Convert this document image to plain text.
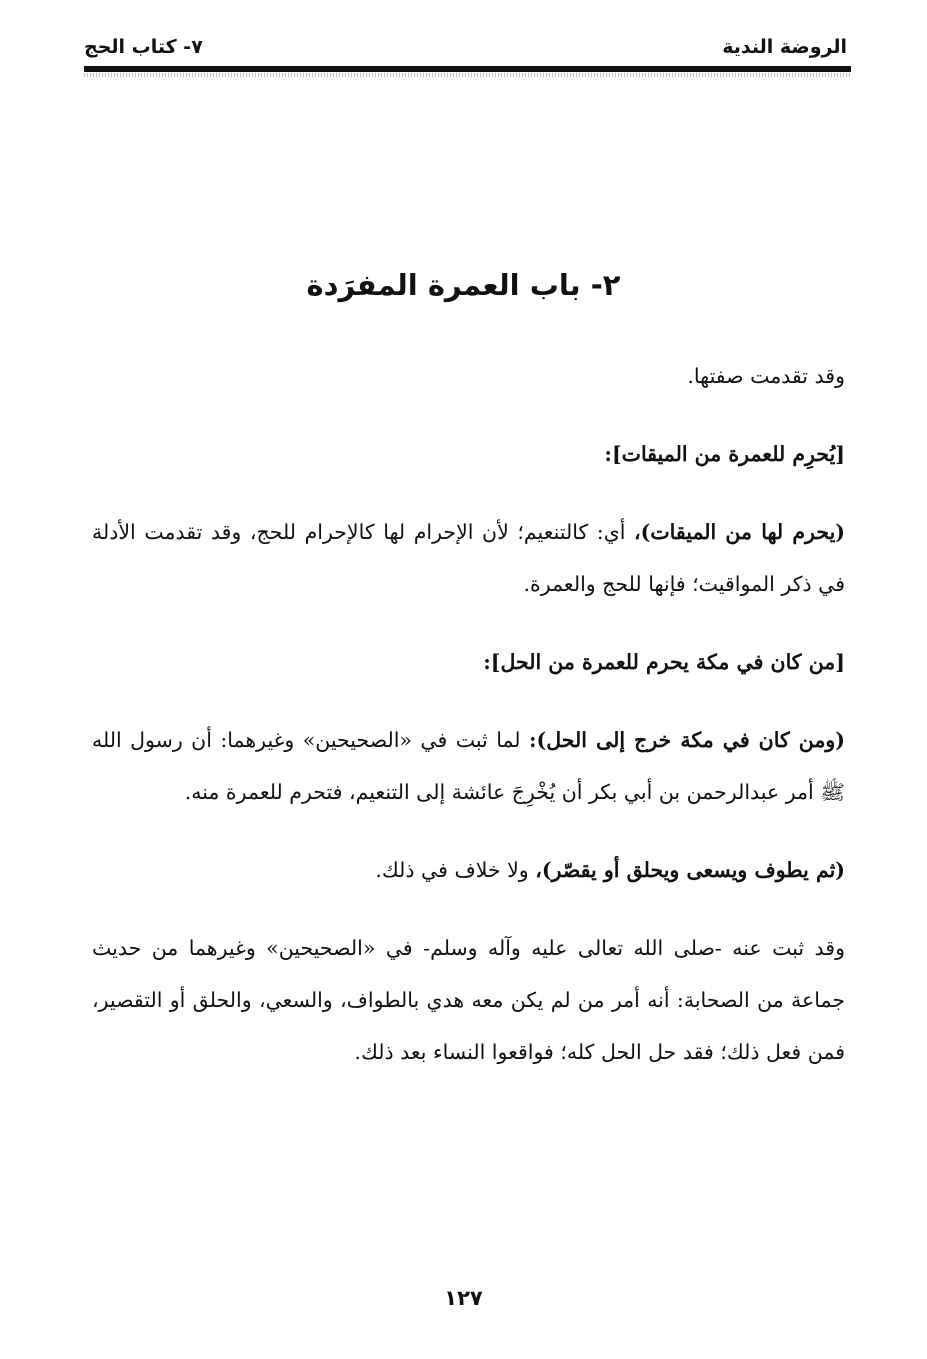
الروضة الندية
٧- كتاب الحج
٢- باب العمرة المفرَدة

وقد تقدمت صفتها.

[يُحرِم للعمرة من الميقات]:

(يحرم لها من الميقات)، أي: كالتنعيم؛ لأن الإحرام لها كالإحرام للحج، وقد تقدمت الأدلة في ذكر المواقيت؛ فإنها للحج والعمرة.

[من كان في مكة يحرم للعمرة من الحل]:

(ومن كان في مكة خرج إلى الحل): لما ثبت في «الصحيحين» وغيرهما: أن رسول الله ﷺ أمر عبدالرحمن بن أبي بكر أن يُخْرِجَ عائشة إلى التنعيم، فتحرم للعمرة منه.

(ثم يطوف ويسعى ويحلق أو يقصّر)، ولا خلاف في ذلك.

وقد ثبت عنه -صلى الله تعالى عليه وآله وسلم- في «الصحيحين» وغيرهما من حديث جماعة من الصحابة: أنه أمر من لم يكن معه هدي بالطواف، والسعي، والحلق أو التقصير، فمن فعل ذلك؛ فقد حل الحل كله؛ فواقعوا النساء بعد ذلك.

١٢٧
